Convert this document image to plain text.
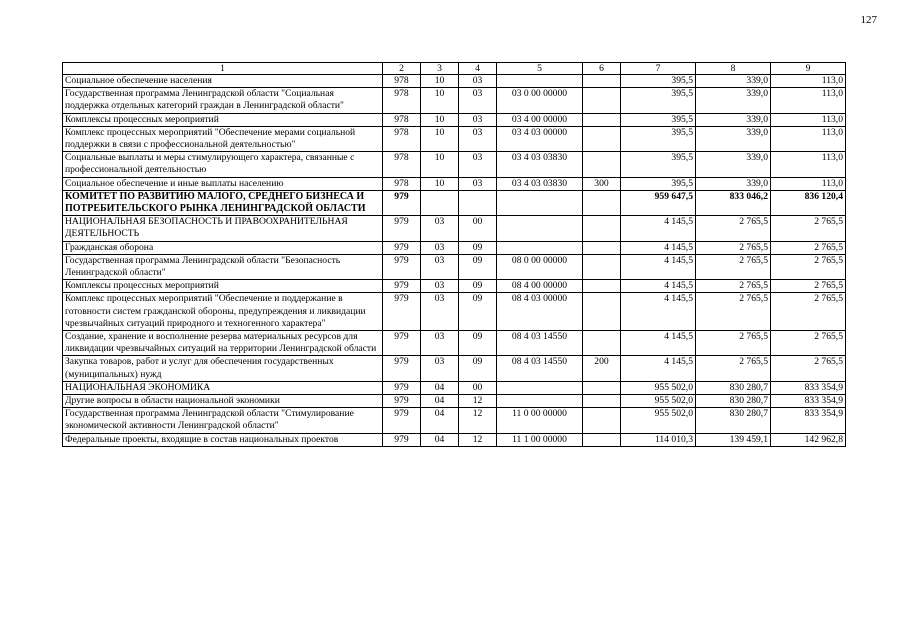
127
1	2	3	4	5	6	7	8	9
Социальное обеспечение населения	978	10	03			395,5	339,0	113,0
Государственная программа Ленинградской области "Социальная поддержка отдельных категорий граждан в Ленинградской области"	978	10	03	03 0 00 00000		395,5	339,0	113,0
Комплексы процессных мероприятий	978	10	03	03 4 00 00000		395,5	339,0	113,0
Комплекс процессных мероприятий "Обеспечение мерами социальной поддержки в связи с профессиональной деятельностью"	978	10	03	03 4 03 00000		395,5	339,0	113,0
Социальные выплаты и меры стимулирующего характера, связанные с профессиональной деятельностью	978	10	03	03 4 03 03830		395,5	339,0	113,0
Социальное обеспечение и иные выплаты населению	978	10	03	03 4 03 03830	300	395,5	339,0	113,0
КОМИТЕТ ПО РАЗВИТИЮ МАЛОГО, СРЕДНЕГО БИЗНЕСА И ПОТРЕБИТЕЛЬСКОГО РЫНКА ЛЕНИНГРАДСКОЙ ОБЛАСТИ	979					959 647,5	833 046,2	836 120,4
НАЦИОНАЛЬНАЯ БЕЗОПАСНОСТЬ И ПРАВООХРАНИТЕЛЬНАЯ ДЕЯТЕЛЬНОСТЬ	979	03	00			4 145,5	2 765,5	2 765,5
Гражданская оборона	979	03	09			4 145,5	2 765,5	2 765,5
Государственная программа Ленинградской области "Безопасность Ленинградской области"	979	03	09	08 0 00 00000		4 145,5	2 765,5	2 765,5
Комплексы процессных мероприятий	979	03	09	08 4 00 00000		4 145,5	2 765,5	2 765,5
Комплекс процессных мероприятий "Обеспечение и поддержание в готовности систем гражданской обороны, предупреждения и ликвидации чрезвычайных ситуаций природного и техногенного характера"	979	03	09	08 4 03 00000		4 145,5	2 765,5	2 765,5
Создание, хранение и восполнение резерва материальных ресурсов для ликвидации чрезвычайных ситуаций на территории Ленинградской области	979	03	09	08 4 03 14550		4 145,5	2 765,5	2 765,5
Закупка товаров, работ и услуг для обеспечения государственных (муниципальных) нужд	979	03	09	08 4 03 14550	200	4 145,5	2 765,5	2 765,5
НАЦИОНАЛЬНАЯ ЭКОНОМИКА	979	04	00			955 502,0	830 280,7	833 354,9
Другие вопросы в области национальной экономики	979	04	12			955 502,0	830 280,7	833 354,9
Государственная программа Ленинградской области "Стимулирование экономической активности Ленинградской области"	979	04	12	11 0 00 00000		955 502,0	830 280,7	833 354,9
Федеральные проекты, входящие в состав национальных проектов	979	04	12	11 1 00 00000		114 010,3	139 459,1	142 962,8
